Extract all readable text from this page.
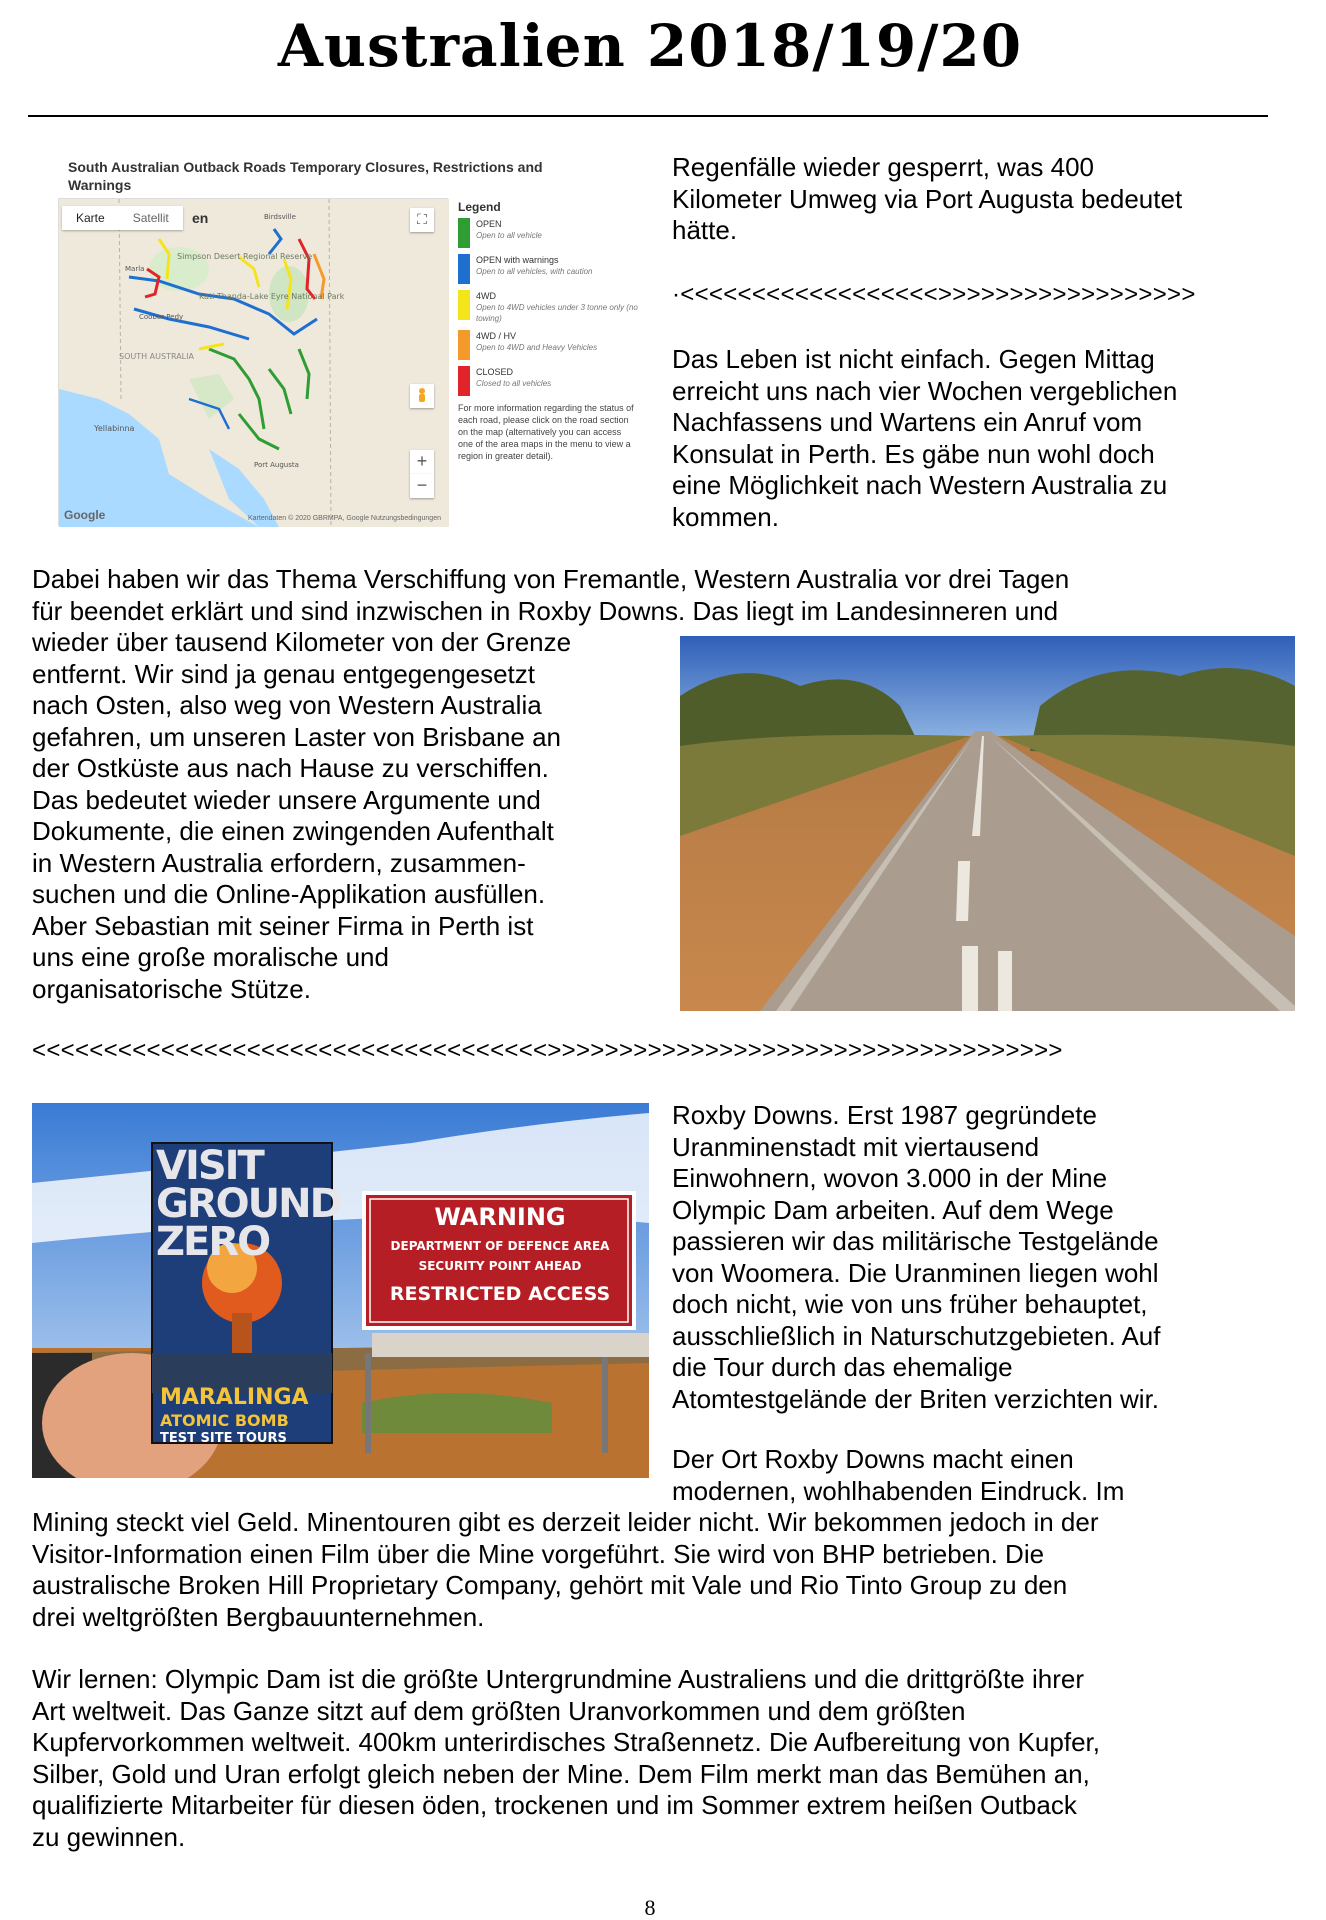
Australien 2018/19/20
South Australian Outback Roads Temporary Closures, Restrictions and Warnings
Simpson Desert Regional Reserve
Kati Thanda-Lake Eyre National Park
SOUTH AUSTRALIA
Yellabinna
Birdsville
Marla
Coober Pedy
Port Augusta
Karte	Satellit	en	⛶
+
−
Google	Kartendaten © 2020 GBRMPA, Google Nutzungsbedingungen
Legend
OPEN
Open to all vehicle
OPEN with warnings
Open to all vehicles, with caution
4WD
Open to 4WD vehicles under 3 tonne only (no towing)
4WD / HV
Open to 4WD and Heavy Vehicles
CLOSED
Closed to all vehicles
For more information regarding the status of each road, please click on the road section on the map (alternatively you can access one of the area maps in the menu to view a region in greater detail).
Regenfälle wieder gesperrt, was 400
Kilometer Umweg via Port Augusta bedeutet
hätte.
·<<<<<<<<<<<<<<<<<<>>>>>>>>>>>>>>>>>>
Das Leben ist nicht einfach. Gegen Mittag
erreicht uns nach vier Wochen vergeblichen
Nachfassens und Wartens ein Anruf vom
Konsulat in Perth. Es gäbe nun wohl doch
eine Möglichkeit nach Western Australia zu
kommen.
Dabei haben wir das Thema Verschiffung von Fremantle, Western Australia vor drei Tagen
für beendet erklärt und sind inzwischen in Roxby Downs. Das liegt im Landesinneren und
wieder über tausend Kilometer von der Grenze
entfernt. Wir sind ja genau entgegengesetzt
nach Osten, also weg von Western Australia
gefahren, um unseren Laster von Brisbane an
der Ostküste aus nach Hause zu verschiffen.
Das bedeutet wieder unsere Argumente und
Dokumente, die einen zwingenden Aufenthalt
in Western Australia erfordern, zusammen-
suchen und die Online-Applikation ausfüllen.
Aber Sebastian mit seiner Firma in Perth ist
uns eine große moralische und
organisatorische Stütze.
<<<<<<<<<<<<<<<<<<<<<<<<<<<<<<<<<<<<>>>>>>>>>>>>>>>>>>>>>>>>>>>>>>>>>>>>
VISIT GROUND ZERO
MARALINGA
ATOMIC BOMB
TEST SITE TOURS
WARNING
DEPARTMENT OF DEFENCE AREA
SECURITY POINT AHEAD
RESTRICTED ACCESS
Roxby Downs. Erst 1987 gegründete
Uranminenstadt mit viertausend
Einwohnern, wovon 3.000 in der Mine
Olympic Dam arbeiten. Auf dem Wege
passieren wir das militärische Testgelände
von Woomera. Die Uranminen liegen wohl
doch nicht, wie von uns früher behauptet,
ausschließlich in Naturschutzgebieten. Auf
die Tour durch das ehemalige
Atomtestgelände der Briten verzichten wir.
Der Ort Roxby Downs macht einen
modernen, wohlhabenden Eindruck. Im
Mining steckt viel Geld. Minentouren gibt es derzeit leider nicht. Wir bekommen jedoch in der
Visitor-Information einen Film über die Mine vorgeführt. Sie wird von BHP betrieben. Die
australische Broken Hill Proprietary Company, gehört mit Vale und Rio Tinto Group zu den
drei weltgrößten Bergbauunternehmen.
Wir lernen: Olympic Dam ist die größte Untergrundmine Australiens und die drittgrößte ihrer
Art weltweit. Das Ganze sitzt auf dem größten Uranvorkommen und dem größten
Kupfervorkommen weltweit. 400km unterirdisches Straßennetz. Die Aufbereitung von Kupfer,
Silber, Gold und Uran erfolgt gleich neben der Mine. Dem Film merkt man das Bemühen an,
qualifizierte Mitarbeiter für diesen öden, trockenen und im Sommer extrem heißen Outback
zu gewinnen.
8
